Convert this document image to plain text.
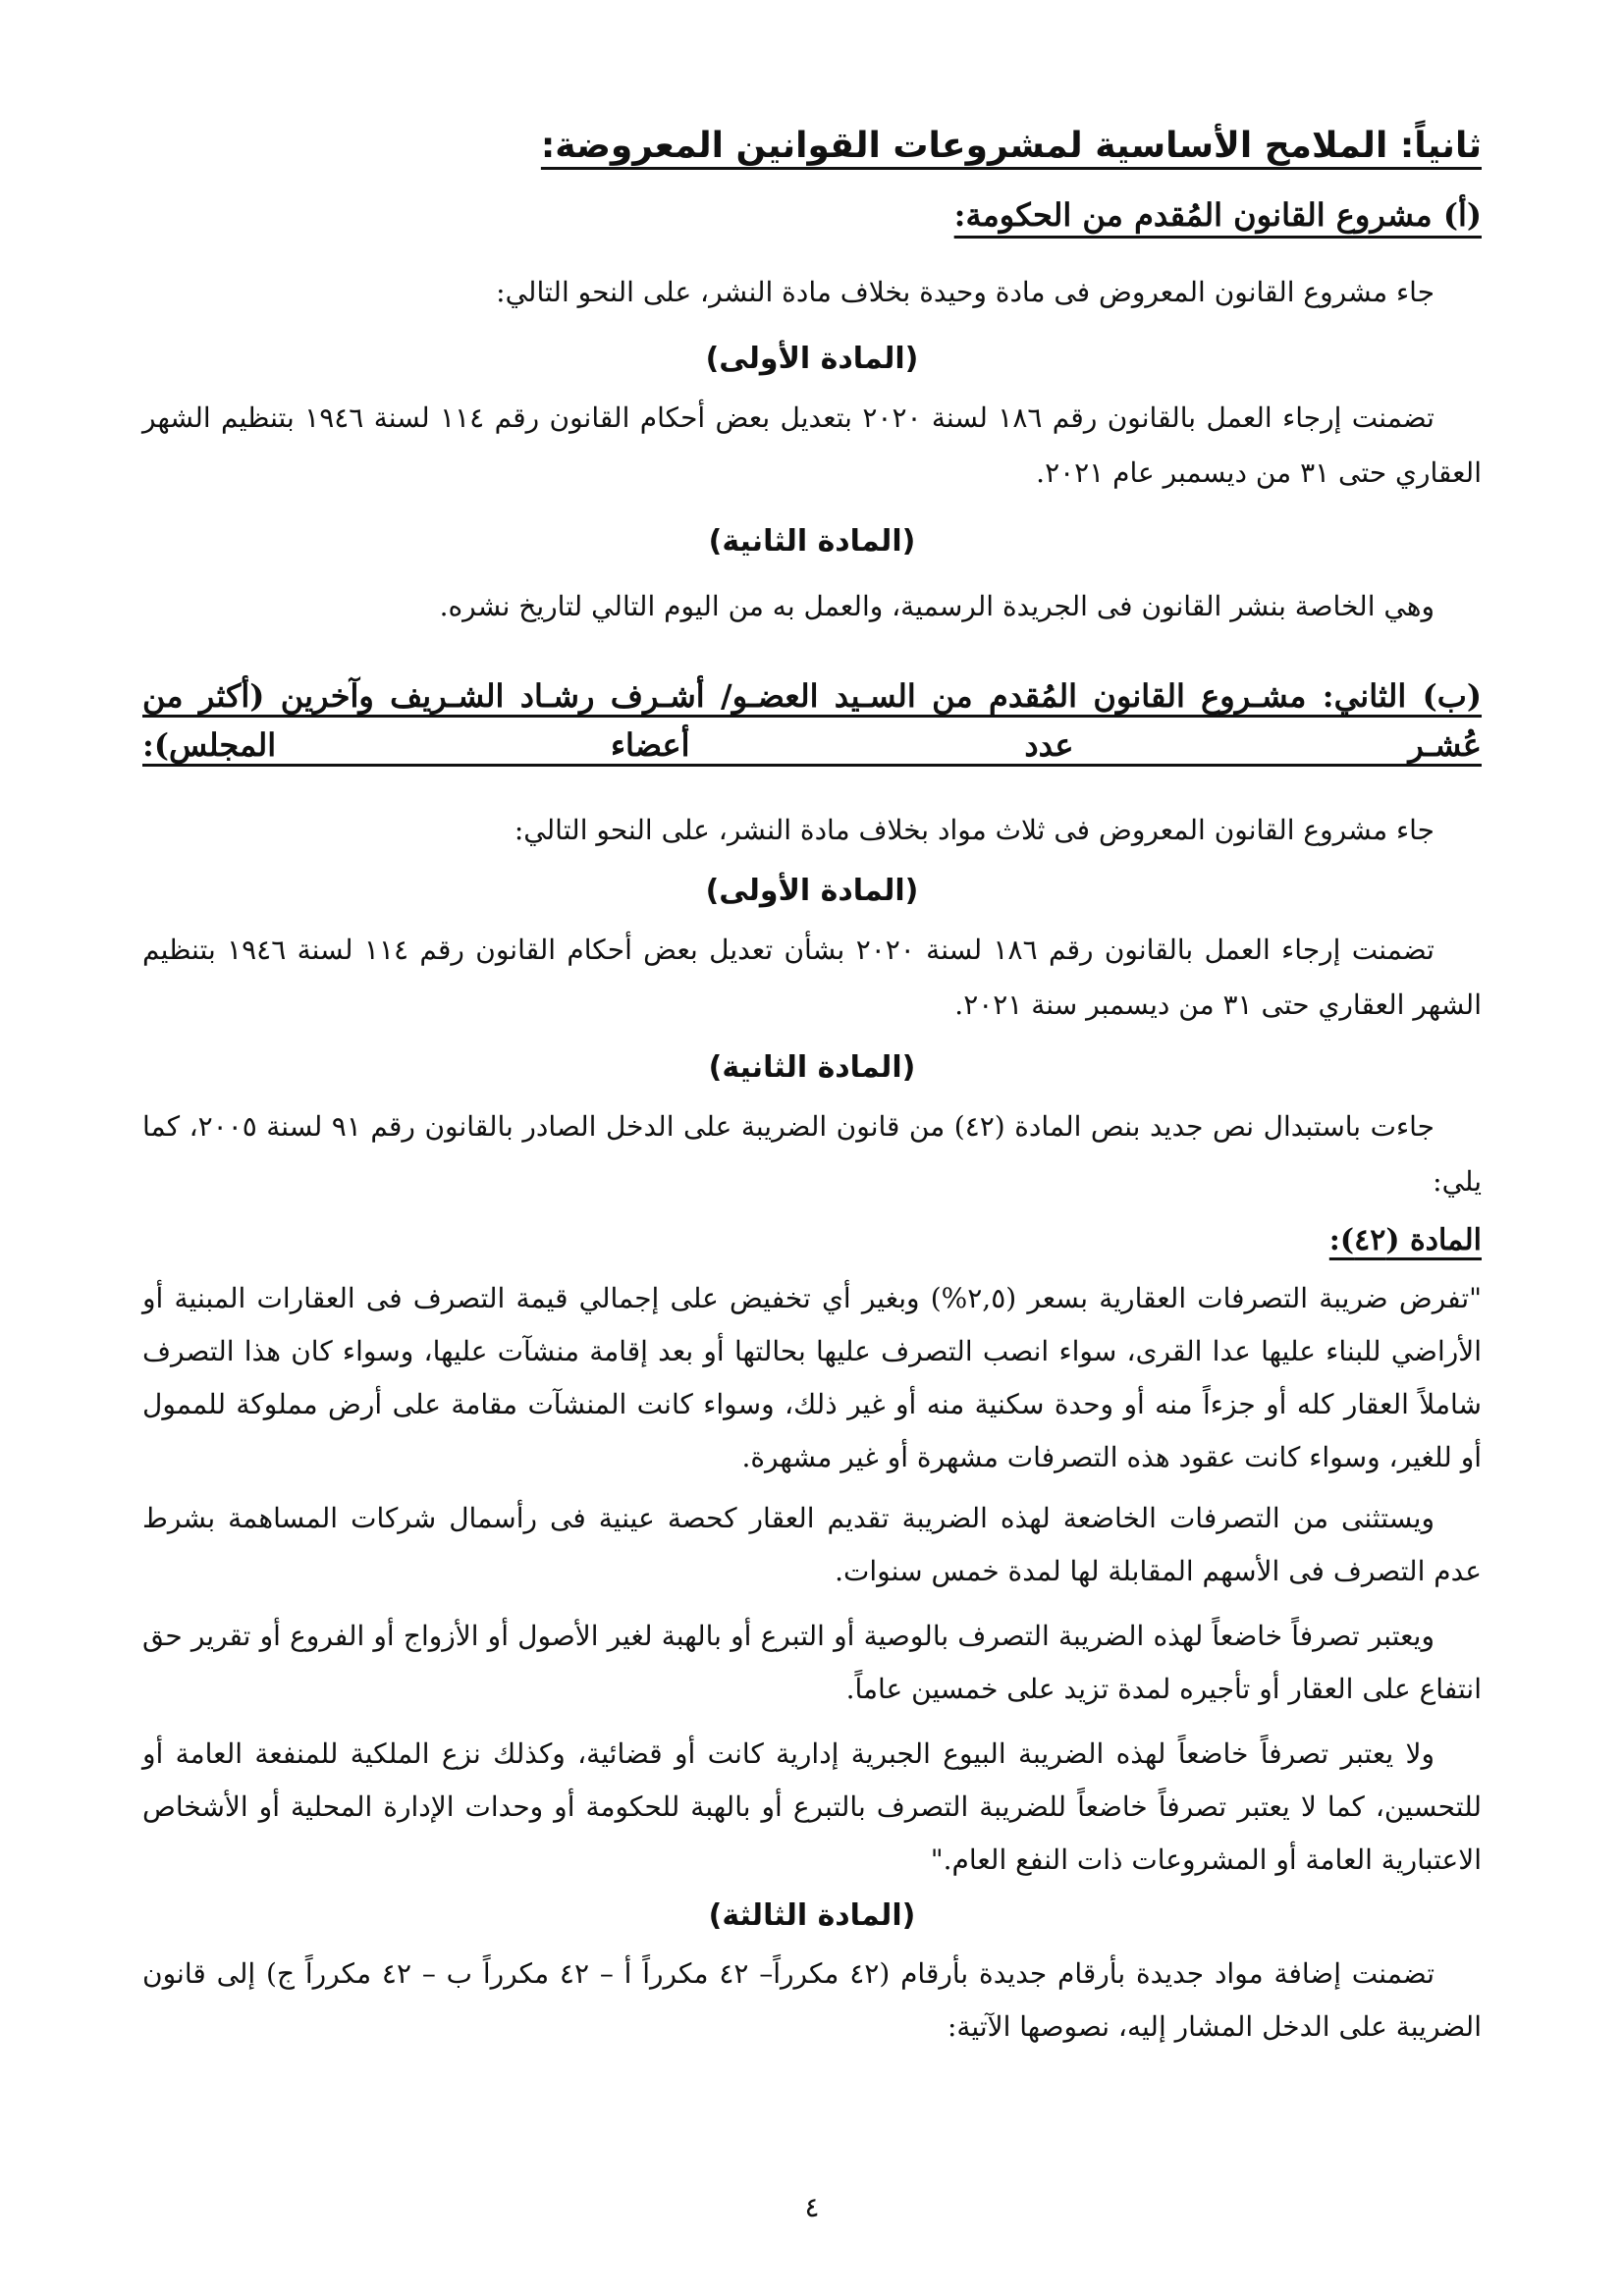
ثانياً: الملامح الأساسية لمشروعات القوانين المعروضة:
(أ) مشروع القانون المُقدم من الحكومة:

جاء مشروع القانون المعروض فى مادة وحيدة بخلاف مادة النشر، على النحو التالي:

(المادة الأولى)

تضمنت إرجاء العمل بالقانون رقم ١٨٦ لسنة ٢٠٢٠ بتعديل بعض أحكام القانون رقم ١١٤ لسنة ١٩٤٦ بتنظيم الشهر العقاري حتى ٣١ من ديسمبر عام ٢٠٢١.

(المادة الثانية)

وهي الخاصة بنشر القانون فى الجريدة الرسمية، والعمل به من اليوم التالي لتاريخ نشره.

(ب) الثاني: مشـروع القانون المُقدم من السـيد العضـو/ أشـرف رشـاد الشـريف وآخرين (أكثر من عُشـر عدد أعضاء المجلس):

جاء مشروع القانون المعروض فى ثلاث مواد بخلاف مادة النشر، على النحو التالي:

(المادة الأولى)

تضمنت إرجاء العمل بالقانون رقم ١٨٦ لسنة ٢٠٢٠ بشأن تعديل بعض أحكام القانون رقم ١١٤ لسنة ١٩٤٦ بتنظيم الشهر العقاري حتى ٣١ من ديسمبر سنة ٢٠٢١.

(المادة الثانية)

جاءت باستبدال نص جديد بنص المادة (٤٢) من قانون الضريبة على الدخل الصادر بالقانون رقم ٩١ لسنة ٢٠٠٥، كما يلي:

المادة (٤٢):

"تفرض ضريبة التصرفات العقارية بسعر (٢,٥%) وبغير أي تخفيض على إجمالي قيمة التصرف فى العقارات المبنية أو الأراضي للبناء عليها عدا القرى، سواء انصب التصرف عليها بحالتها أو بعد إقامة منشآت عليها، وسواء كان هذا التصرف شاملاً العقار كله أو جزءاً منه أو وحدة سكنية منه أو غير ذلك، وسواء كانت المنشآت مقامة على أرض مملوكة للممول أو للغير، وسواء كانت عقود هذه التصرفات مشهرة أو غير مشهرة.

ويستثنى من التصرفات الخاضعة لهذه الضريبة تقديم العقار كحصة عينية فى رأسمال شركات المساهمة بشرط عدم التصرف فى الأسهم المقابلة لها لمدة خمس سنوات.

ويعتبر تصرفاً خاضعاً لهذه الضريبة التصرف بالوصية أو التبرع أو بالهبة لغير الأصول أو الأزواج أو الفروع أو تقرير حق انتفاع على العقار أو تأجيره لمدة تزيد على خمسين عاماً.

ولا يعتبر تصرفاً خاضعاً لهذه الضريبة البيوع الجبرية إدارية كانت أو قضائية، وكذلك نزع الملكية للمنفعة العامة أو للتحسين، كما لا يعتبر تصرفاً خاضعاً للضريبة التصرف بالتبرع أو بالهبة للحكومة أو وحدات الإدارة المحلية أو الأشخاص الاعتبارية العامة أو المشروعات ذات النفع العام."

(المادة الثالثة)

تضمنت إضافة مواد جديدة بأرقام جديدة بأرقام (٤٢ مكرراً– ٤٢ مكرراً أ – ٤٢ مكرراً ب – ٤٢ مكرراً ج) إلى قانون الضريبة على الدخل المشار إليه، نصوصها الآتية:

٤
